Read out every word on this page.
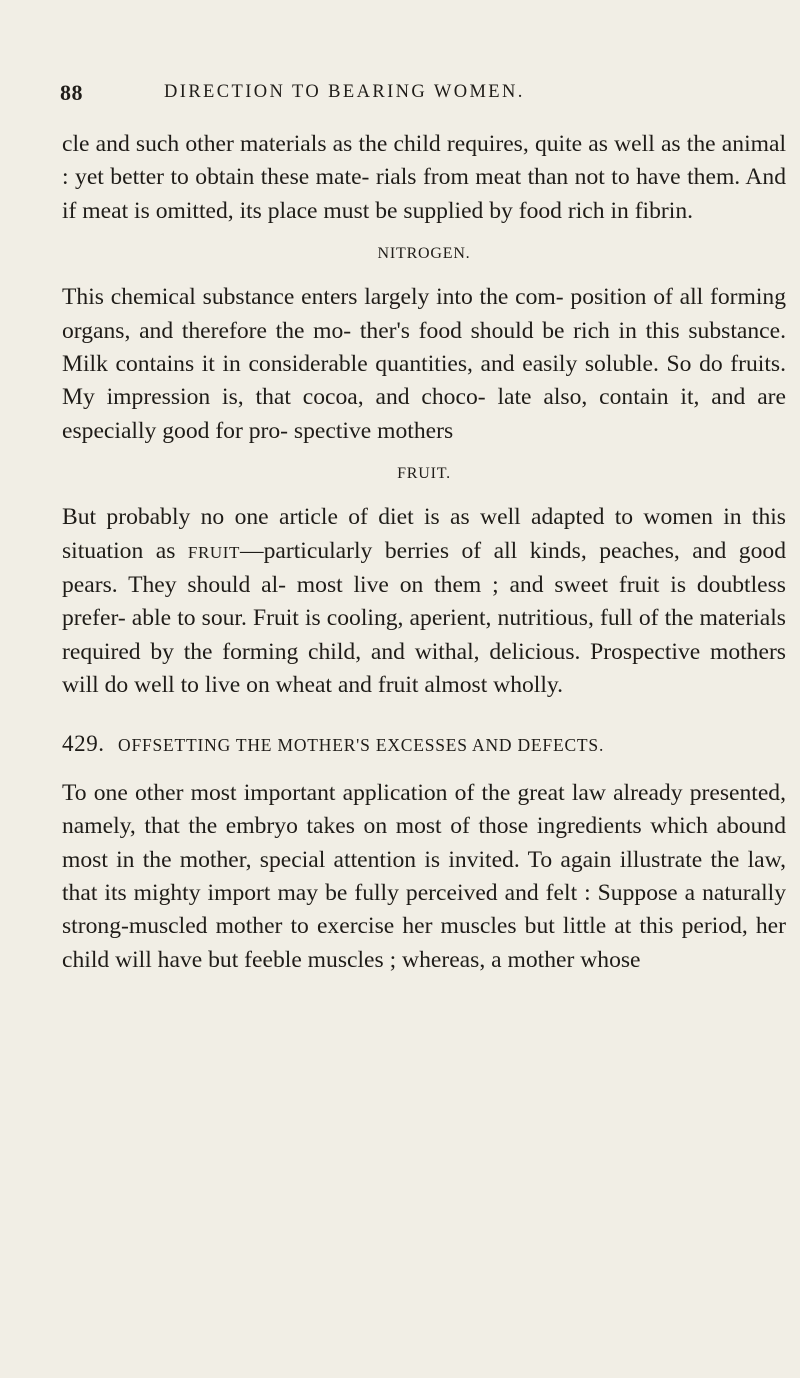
88	DIRECTION TO BEARING WOMEN.

cle and such other materials as the child requires, quite as well as the animal : yet better to obtain these mate- rials from meat than not to have them. And if meat is omitted, its place must be supplied by food rich in fibrin.

NITROGEN.

This chemical substance enters largely into the com- position of all forming organs, and therefore the mo- ther's food should be rich in this substance. Milk contains it in considerable quantities, and easily soluble. So do fruits. My impression is, that cocoa, and choco- late also, contain it, and are especially good for pro- spective mothers

FRUIT.

But probably no one article of diet is as well adapted to women in this situation as FRUIT—particularly berries of all kinds, peaches, and good pears. They should al- most live on them ; and sweet fruit is doubtless prefer- able to sour. Fruit is cooling, aperient, nutritious, full of the materials required by the forming child, and withal, delicious. Prospective mothers will do well to live on wheat and fruit almost wholly.

429. OFFSETTING THE MOTHER'S EXCESSES AND DEFECTS.

To one other most important application of the great law already presented, namely, that the embryo takes on most of those ingredients which abound most in the mother, special attention is invited. To again illustrate the law, that its mighty import may be fully perceived and felt : Suppose a naturally strong-muscled mother to exercise her muscles but little at this period, her child will have but feeble muscles ; whereas, a mother whose
